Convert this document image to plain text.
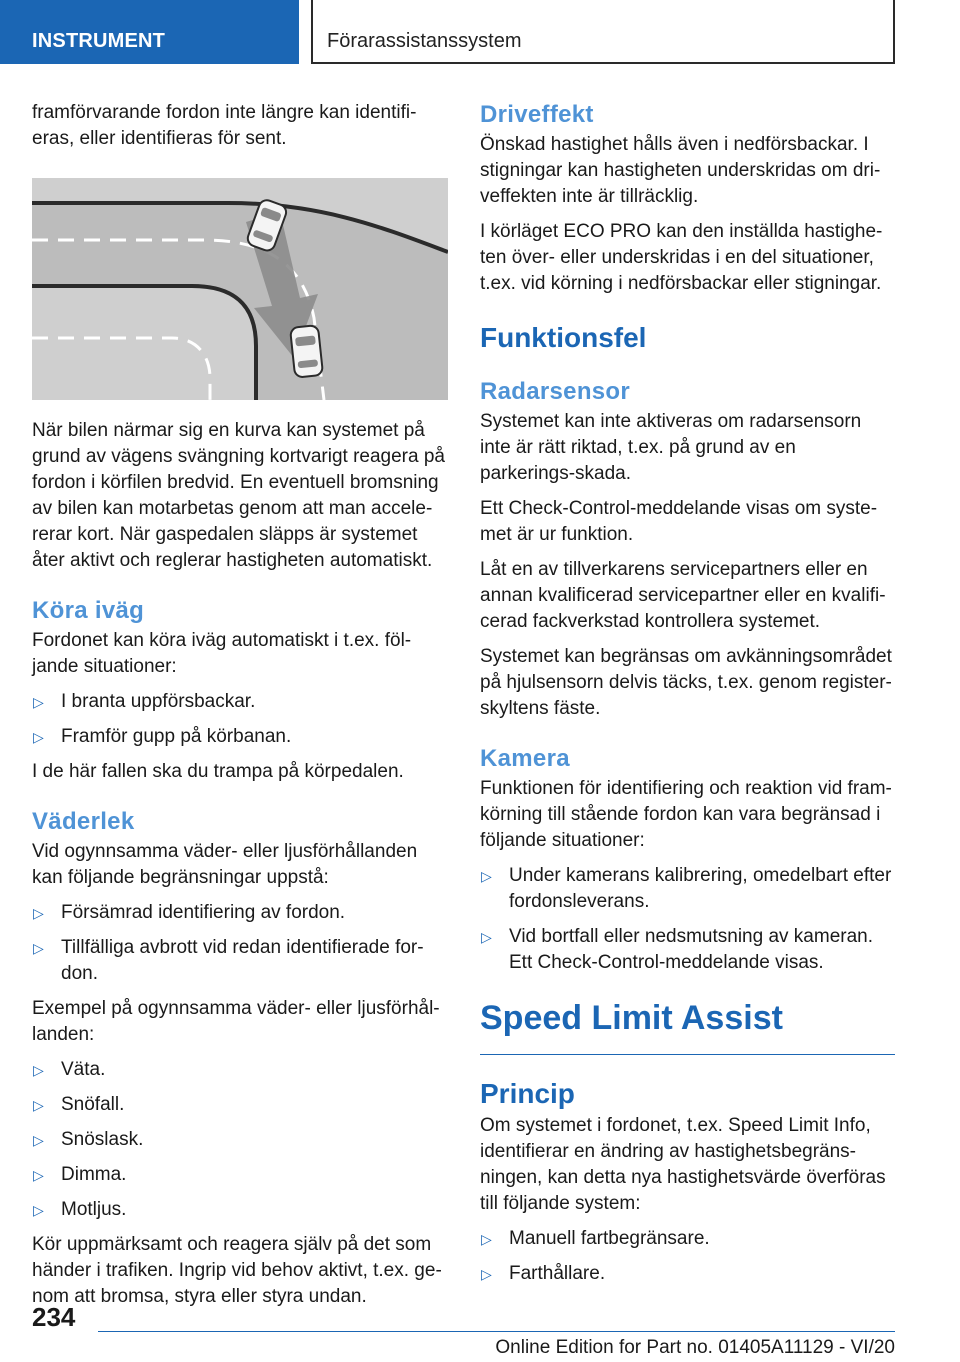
INSTRUMENT	Förarassistanssystem

framförvarande fordon inte längre kan identifi‐eras, eller identifieras för sent.

När bilen närmar sig en kurva kan systemet på grund av vägens svängning kortvarigt reagera på fordon i körfilen bredvid. En eventuell bromsning av bilen kan motarbetas genom att man accele‐rerar kort. När gaspedalen släpps är systemet åter aktivt och reglerar hastigheten automatiskt.

Köra iväg

Fordonet kan köra iväg automatiskt i t.ex. föl‐jande situationer:

▷ I branta uppförsbackar.
▷ Framför gupp på körbanan.

I de här fallen ska du trampa på körpedalen.

Väderlek

Vid ogynnsamma väder- eller ljusförhållanden kan följande begränsningar uppstå:

▷ Försämrad identifiering av fordon.
▷ Tillfälliga avbrott vid redan identifierade for‐don.

Exempel på ogynnsamma väder- eller ljusförhål‐landen:

▷ Väta.
▷ Snöfall.
▷ Snöslask.
▷ Dimma.
▷ Motljus.

Kör uppmärksamt och reagera själv på det som händer i trafiken. Ingrip vid behov aktivt, t.ex. ge‐nom att bromsa, styra eller styra undan.

Driveffekt

Önskad hastighet hålls även i nedförsbackar. I stigningar kan hastigheten underskridas om dri‐veffekten inte är tillräcklig.

I körläget ECO PRO kan den inställda hastighe‐ten över- eller underskridas i en del situationer, t.ex. vid körning i nedförsbackar eller stigningar.

Funktionsfel
Radarsensor

Systemet kan inte aktiveras om radarsensorn inte är rätt riktad, t.ex. på grund av en parkerings‐skada.

Ett Check-Control-meddelande visas om syste‐met är ur funktion.

Låt en av tillverkarens servicepartners eller en annan kvalificerad servicepartner eller en kvalifi‐cerad fackverkstad kontrollera systemet.

Systemet kan begränsas om avkänningsområdet på hjulsensorn delvis täcks, t.ex. genom register‐skyltens fäste.

Kamera

Funktionen för identifiering och reaktion vid fram‐körning till stående fordon kan vara begränsad i följande situationer:

▷ Under kamerans kalibrering, omedelbart efter fordonsleverans.
▷ Vid bortfall eller nedsmutsning av kameran. Ett Check-Control-meddelande visas.
Speed Limit Assist
Princip

Om systemet i fordonet, t.ex. Speed Limit Info, identifierar en ändring av hastighetsbegräns‐ningen, kan detta nya hastighetsvärde överföras till följande system:

▷ Manuell fartbegränsare.
▷ Farthållare.
234
Online Edition for Part no. 01405A11129 - VI/20
